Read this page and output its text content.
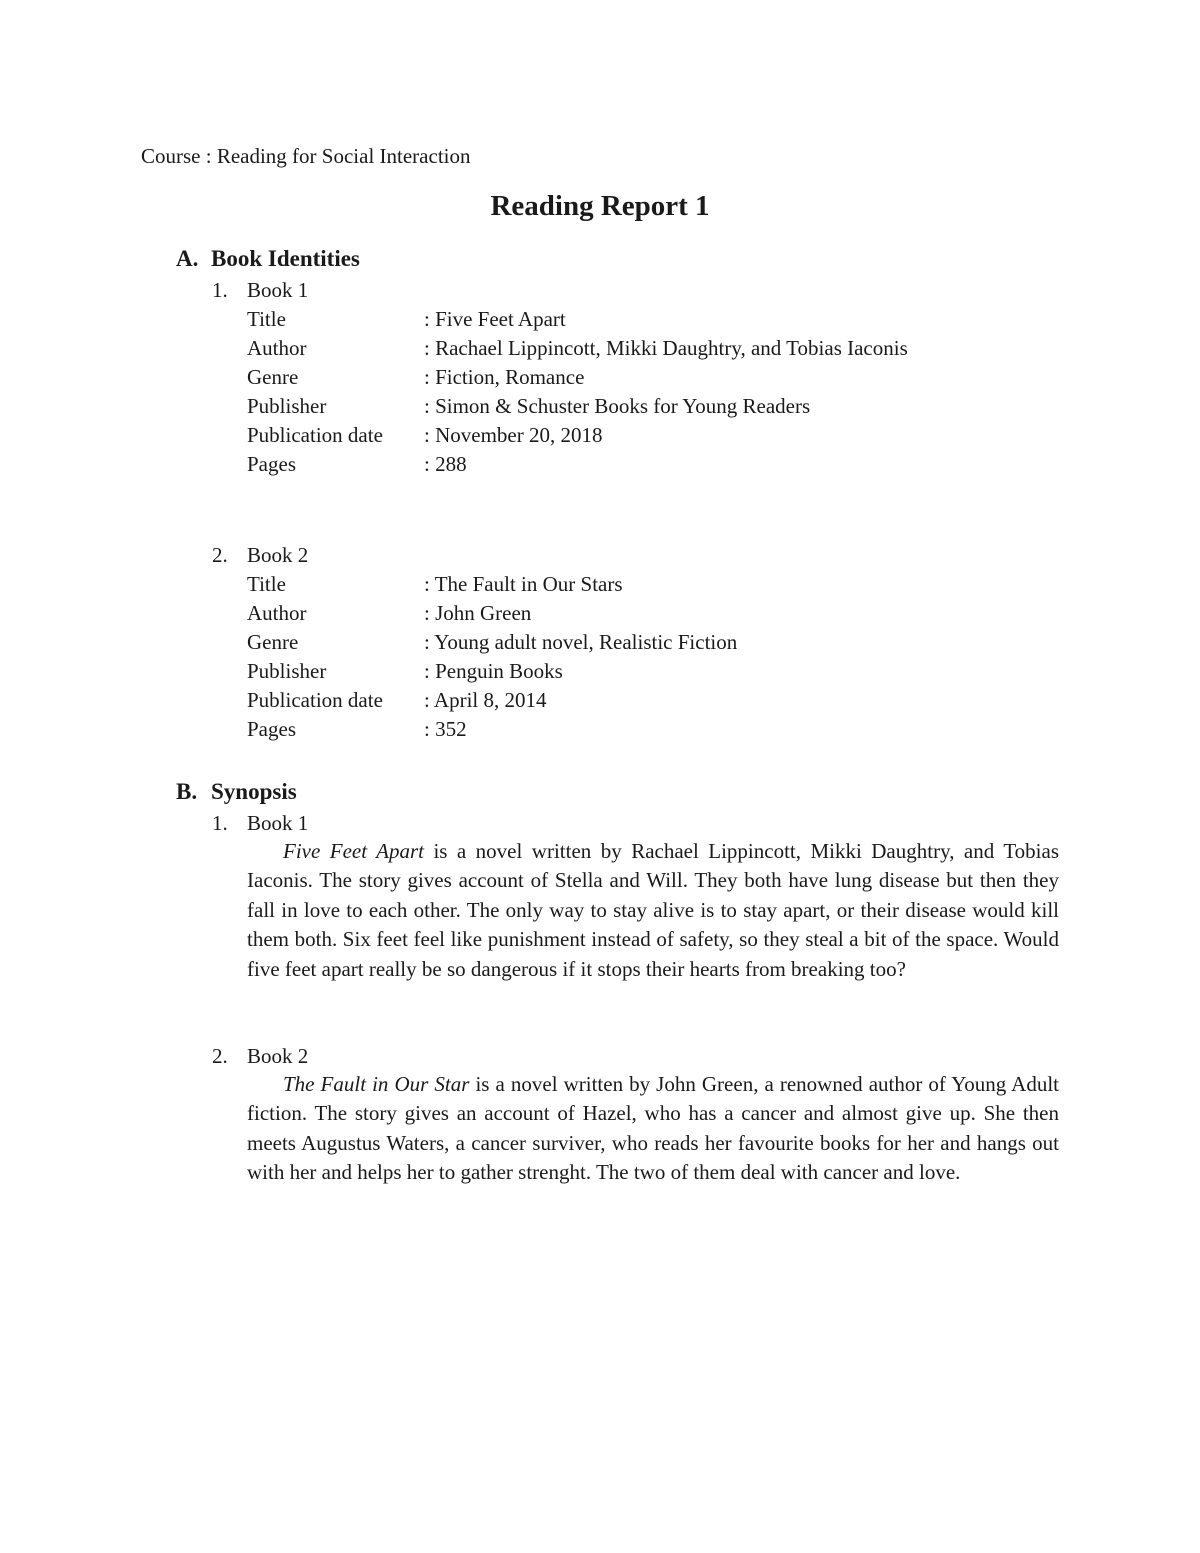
Course : Reading for Social Interaction
Reading Report 1
A. Book Identities
1. Book 1
Title	: Five Feet Apart
Author	: Rachael Lippincott, Mikki Daughtry, and Tobias Iaconis
Genre	: Fiction, Romance
Publisher	: Simon & Schuster Books for Young Readers
Publication date : November 20, 2018
Pages	: 288
2. Book 2
Title	: The Fault in Our Stars
Author	: John Green
Genre	: Young adult novel, Realistic Fiction
Publisher	: Penguin Books
Publication date : April 8, 2014
Pages	: 352
B. Synopsis
1. Book 1

Five Feet Apart is a novel written by Rachael Lippincott, Mikki Daughtry, and Tobias Iaconis. The story gives account of Stella and Will. They both have lung disease but then they fall in love to each other. The only way to stay alive is to stay apart, or their disease would kill them both. Six feet feel like punishment instead of safety, so they steal a bit of the space. Would five feet apart really be so dangerous if it stops their hearts from breaking too?

2. Book 2

The Fault in Our Star is a novel written by John Green, a renowned author of Young Adult fiction. The story gives an account of Hazel, who has a cancer and almost give up. She then meets Augustus Waters, a cancer surviver, who reads her favourite books for her and hangs out with her and helps her to gather strenght. The two of them deal with cancer and love.
